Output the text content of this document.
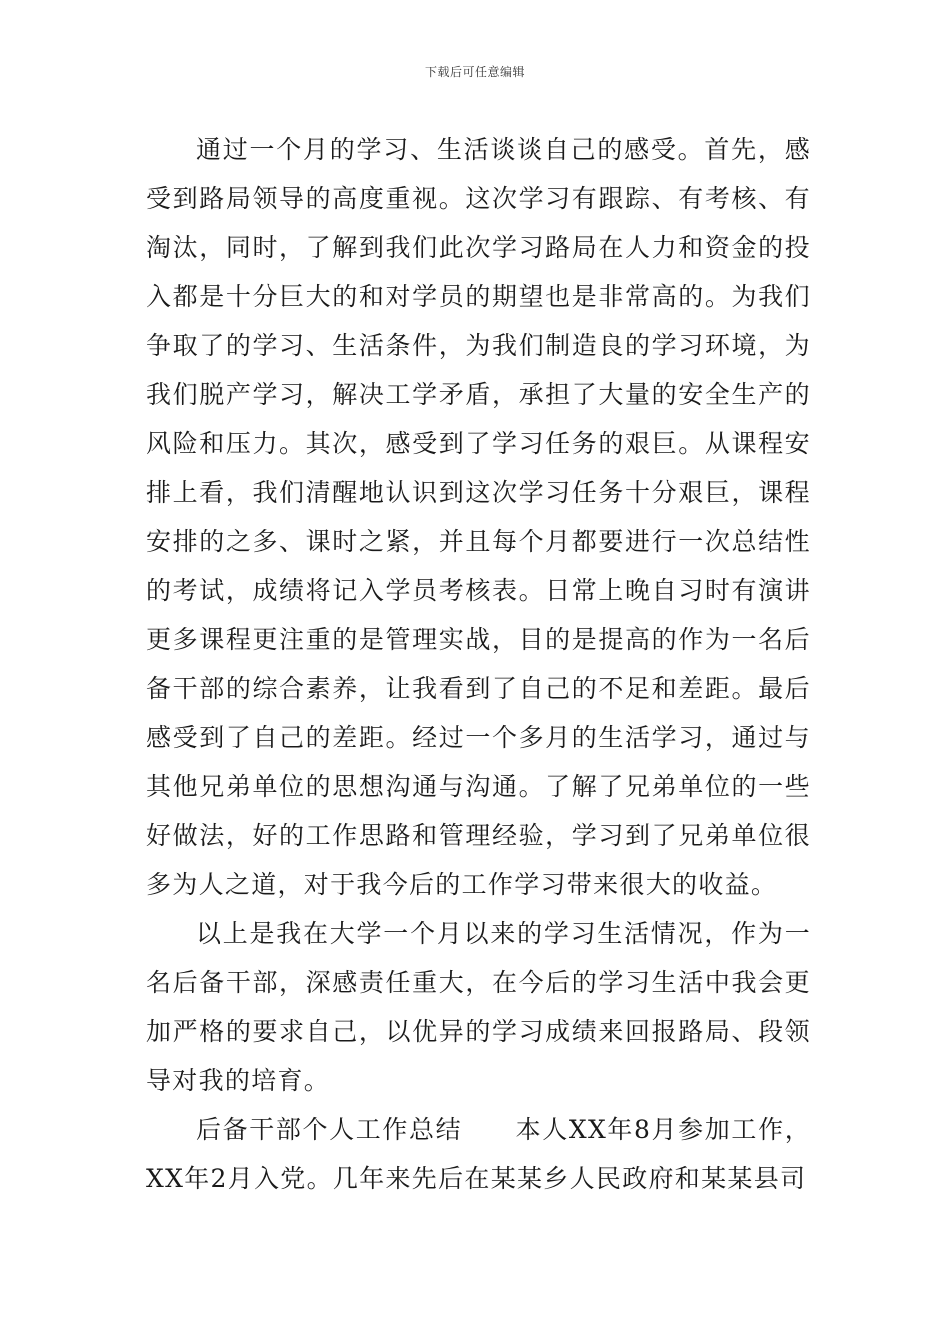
下载后可任意编辑

通过一个月的学习、生活谈谈自己的感受。首先，感受到路局领导的高度重视。这次学习有跟踪、有考核、有淘汰，同时，了解到我们此次学习路局在人力和资金的投入都是十分巨大的和对学员的期望也是非常高的。为我们争取了的学习、生活条件，为我们制造良的学习环境，为我们脱产学习，解决工学矛盾，承担了大量的安全生产的风险和压力。其次，感受到了学习任务的艰巨。从课程安排上看，我们清醒地认识到这次学习任务十分艰巨，课程安排的之多、课时之紧，并且每个月都要进行一次总结性的考试，成绩将记入学员考核表。日常上晚自习时有演讲更多课程更注重的是管理实战，目的是提高的作为一名后备干部的综合素养，让我看到了自己的不足和差距。最后感受到了自己的差距。经过一个多月的生活学习，通过与其他兄弟单位的思想沟通与沟通。了解了兄弟单位的一些好做法，好的工作思路和管理经验，学习到了兄弟单位很多为人之道，对于我今后的工作学习带来很大的收益。

以上是我在大学一个月以来的学习生活情况，作为一名后备干部，深感责任重大，在今后的学习生活中我会更加严格的要求自己，以优异的学习成绩来回报路局、段领导对我的培育。

后备干部个人工作总结　　本人XX年8月参加工作，XX年2月入党。几年来先后在某某乡人民政府和某某县司
